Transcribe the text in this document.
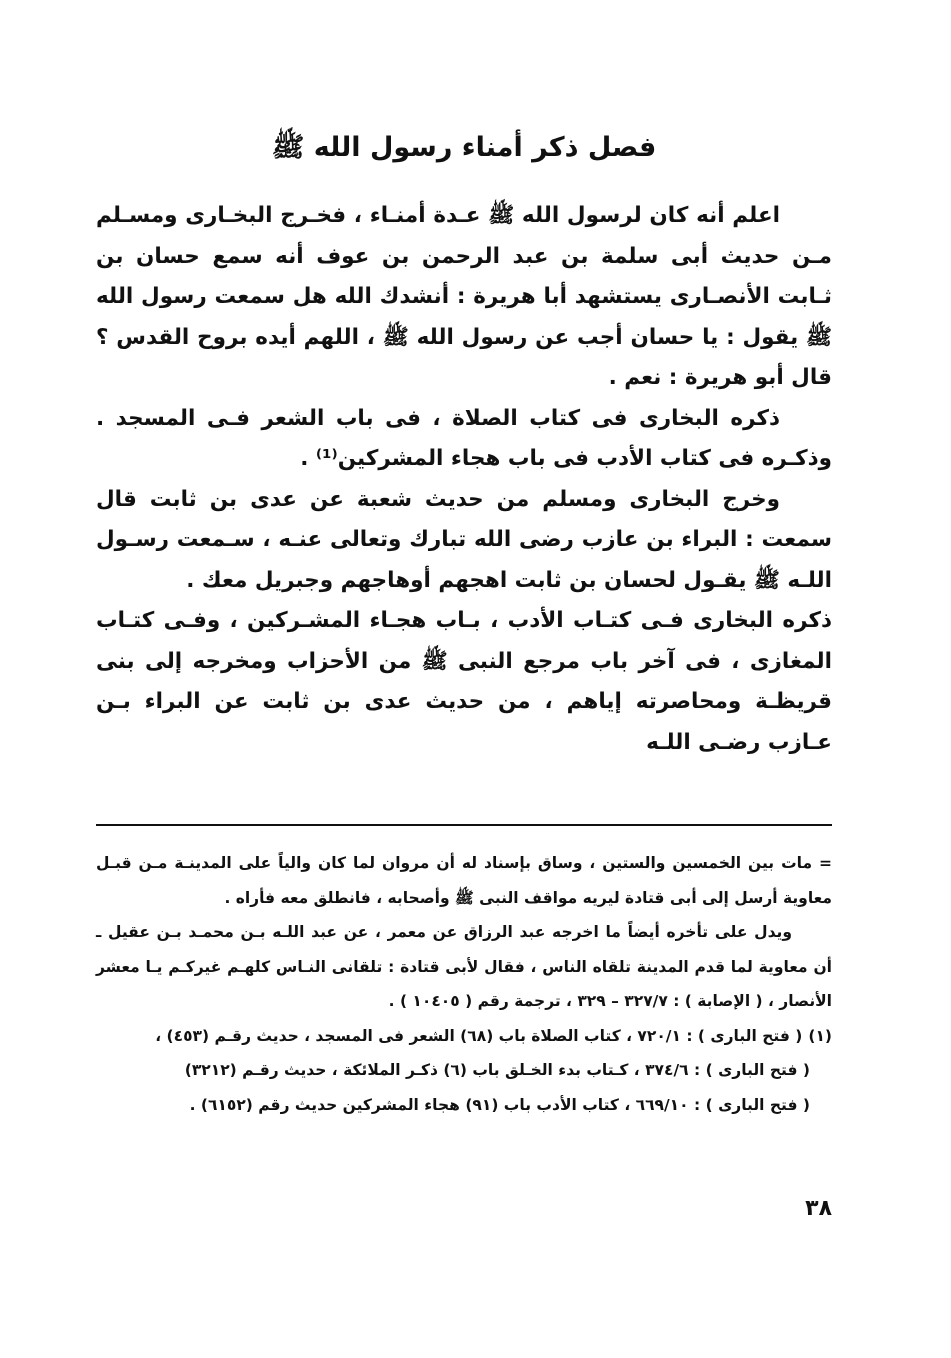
فصل ذكر أمناء رسول الله ﷺ

اعلم أنه كان لرسول الله ﷺ عـدة أمنـاء ، فخـرج البخـارى ومسـلم مـن حديث أبى سلمة بن عبد الرحمن بن عوف أنه سمع حسان بن ثـابت الأنصـارى يستشهد أبا هريرة : أنشدك الله هل سمعت رسول الله ﷺ يقول : يا حسان أجب عن رسول الله ﷺ ، اللهم أيده بروح القدس ؟ قال أبو هريرة : نعم .

ذكره البخارى فى كتاب الصلاة ، فى باب الشعر فـى المسجد . وذكـره فى كتاب الأدب فى باب هجاء المشركين⁽¹⁾ .

وخرج البخارى ومسلم من حديث شعبة عن عدى بن ثابت قال سمعت : البراء بن عازب رضى الله تبارك وتعالى عنـه ، سـمعت رسـول اللـه ﷺ يقـول لحسان بن ثابت اهجهم أوهاجهم وجبريل معك .

ذكره البخارى فـى كتـاب الأدب ، بـاب هجـاء المشـركين ، وفـى كتـاب المغازى ، فى آخر باب مرجع النبى ﷺ من الأحزاب ومخرجه إلى بنى قريظـة ومحاصرته إياهم ، من حديث عدى بن ثابت عن البراء بـن عـازب رضـى اللـه

= مات بين الخمسين والستين ، وساق بإسناد له أن مروان لما كان والياً على المدينـة مـن قبـل معاوية أرسل إلى أبى قتادة ليريه مواقف النبى ﷺ وأصحابه ، فانطلق معه فأراه .

ويدل على تأخره أيضاً ما اخرجه عبد الرزاق عن معمر ، عن عبد اللـه بـن محمـد بـن عقيل ـ أن معاوية لما قدم المدينة تلقاه الناس ، فقال لأبى قتادة : تلقانى النـاس كلهـم غيركـم يـا معشر الأنصار ، ( الإصابة ) : ٣٢٧/٧ – ٣٢٩ ، ترجمة رقم ( ١٠٤٠٥ ) .

(١)
( فتح البارى ) : ٧٢٠/١ ، كتاب الصلاة باب (٦٨) الشعر فى المسجد ، حديث رقـم (٤٥٣) ،
( فتح البارى ) : ٣٧٤/٦ ، كـتاب بدء الخـلق باب (٦) ذكـر الملائكة ، حديث رقـم (٣٢١٢)
( فتح البارى ) : ٦٦٩/١٠ ، كتاب الأدب باب (٩١) هجاء المشركين حديث رقم (٦١٥٢) .
٣٨
